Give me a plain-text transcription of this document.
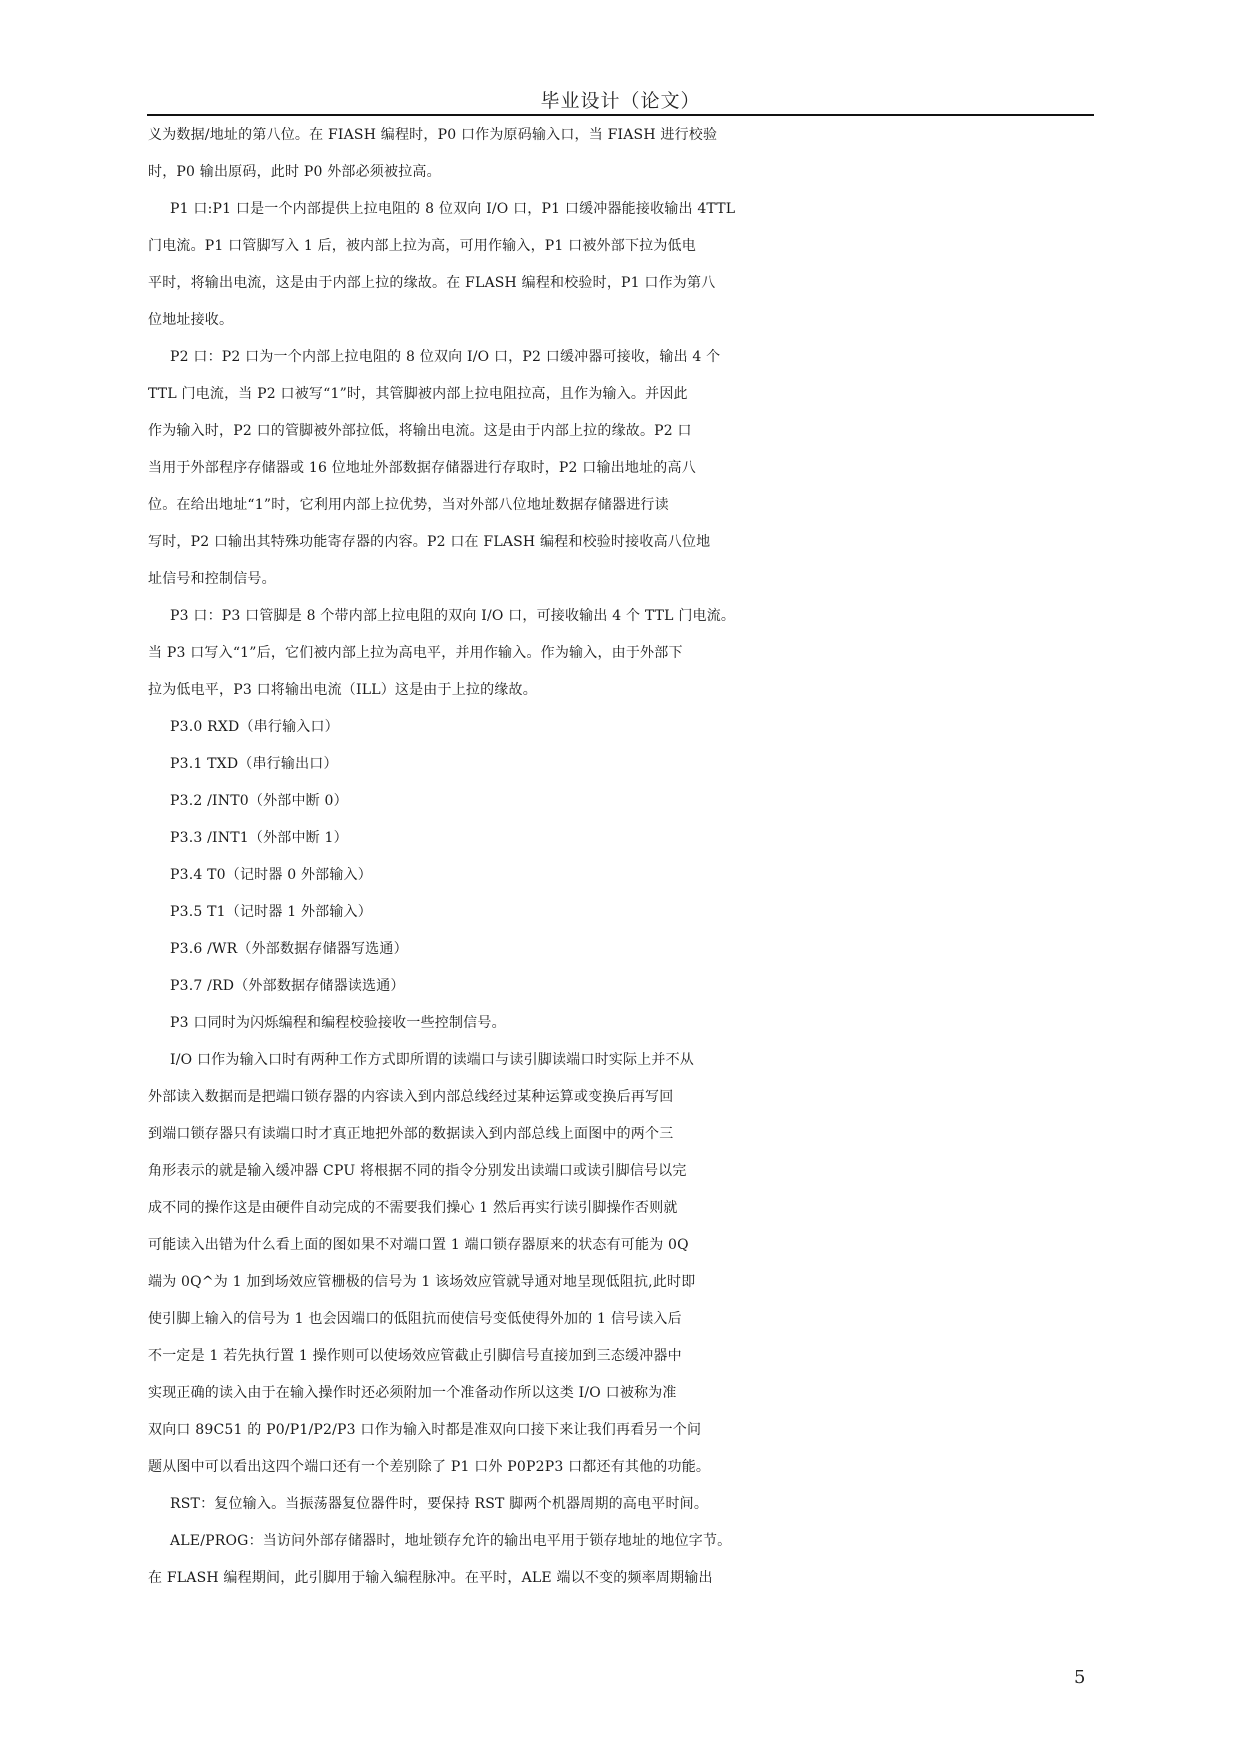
毕业设计（论文）
义为数据/地址的第八位。在 FIASH 编程时，P0 口作为原码输入口，当 FIASH 进行校验
时，P0 输出原码，此时 P0 外部必须被拉高。
P1 口:P1 口是一个内部提供上拉电阻的 8 位双向 I/O 口，P1 口缓冲器能接收输出 4TTL
门电流。P1 口管脚写入 1 后，被内部上拉为高，可用作输入，P1 口被外部下拉为低电
平时，将输出电流，这是由于内部上拉的缘故。在 FLASH 编程和校验时，P1 口作为第八
位地址接收。
P2 口：P2 口为一个内部上拉电阻的 8 位双向 I/O 口，P2 口缓冲器可接收，输出 4 个
TTL 门电流，当 P2 口被写“1”时，其管脚被内部上拉电阻拉高，且作为输入。并因此
作为输入时，P2 口的管脚被外部拉低，将输出电流。这是由于内部上拉的缘故。P2 口
当用于外部程序存储器或 16 位地址外部数据存储器进行存取时，P2 口输出地址的高八
位。在给出地址“1”时，它利用内部上拉优势，当对外部八位地址数据存储器进行读
写时，P2 口输出其特殊功能寄存器的内容。P2 口在 FLASH 编程和校验时接收高八位地
址信号和控制信号。
P3 口：P3 口管脚是 8 个带内部上拉电阻的双向 I/O 口，可接收输出 4 个 TTL 门电流。
当 P3 口写入“1”后，它们被内部上拉为高电平，并用作输入。作为输入，由于外部下
拉为低电平，P3 口将输出电流（ILL）这是由于上拉的缘故。
P3.0 RXD（串行输入口）
P3.1 TXD（串行输出口）
P3.2 /INT0（外部中断 0）
P3.3 /INT1（外部中断 1）
P3.4 T0（记时器 0 外部输入）
P3.5 T1（记时器 1 外部输入）
P3.6 /WR（外部数据存储器写选通）
P3.7 /RD（外部数据存储器读选通）
P3 口同时为闪烁编程和编程校验接收一些控制信号。
I/O 口作为输入口时有两种工作方式即所谓的读端口与读引脚读端口时实际上并不从
外部读入数据而是把端口锁存器的内容读入到内部总线经过某种运算或变换后再写回
到端口锁存器只有读端口时才真正地把外部的数据读入到内部总线上面图中的两个三
角形表示的就是输入缓冲器 CPU 将根据不同的指令分别发出读端口或读引脚信号以完
成不同的操作这是由硬件自动完成的不需要我们操心 1 然后再实行读引脚操作否则就
可能读入出错为什么看上面的图如果不对端口置 1 端口锁存器原来的状态有可能为 0Q
端为 0Q^为 1 加到场效应管栅极的信号为 1 该场效应管就导通对地呈现低阻抗,此时即
使引脚上输入的信号为 1 也会因端口的低阻抗而使信号变低使得外加的 1 信号读入后
不一定是 1 若先执行置 1 操作则可以使场效应管截止引脚信号直接加到三态缓冲器中
实现正确的读入由于在输入操作时还必须附加一个准备动作所以这类 I/O 口被称为准
双向口 89C51 的 P0/P1/P2/P3 口作为输入时都是准双向口接下来让我们再看另一个问
题从图中可以看出这四个端口还有一个差别除了 P1 口外 P0P2P3 口都还有其他的功能。
RST：复位输入。当振荡器复位器件时，要保持 RST 脚两个机器周期的高电平时间。
ALE/PROG：当访问外部存储器时，地址锁存允许的输出电平用于锁存地址的地位字节。
在 FLASH 编程期间，此引脚用于输入编程脉冲。在平时，ALE 端以不变的频率周期输出
5
